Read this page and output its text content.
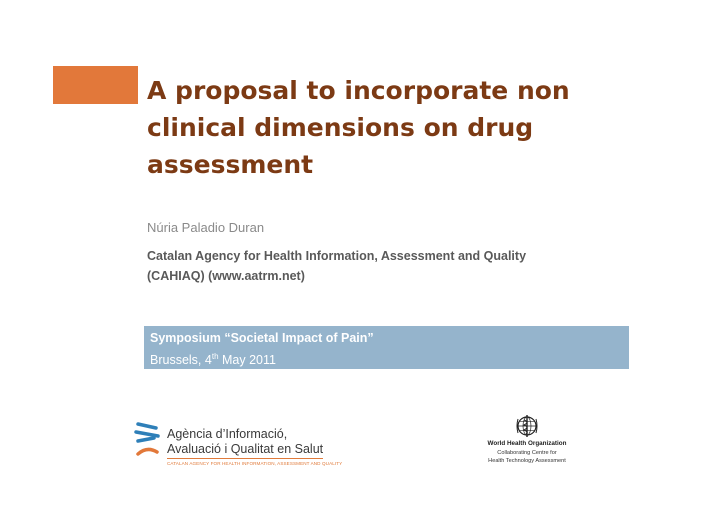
A proposal to incorporate non clinical dimensions on drug assessment
Núria Paladio Duran
Catalan Agency for Health Information, Assessment and Quality (CAHIAQ) (www.aatrm.net)
Symposium “Societal Impact of Pain”
Brussels, 4th May 2011
Agència d’Informació,
Avaluació i Qualitat en Salut
CATALAN AGENCY FOR HEALTH INFORMATION, ASSESSMENT AND QUALITY
World Health Organization
Collaborating Centre for
Health Technology Assessment
